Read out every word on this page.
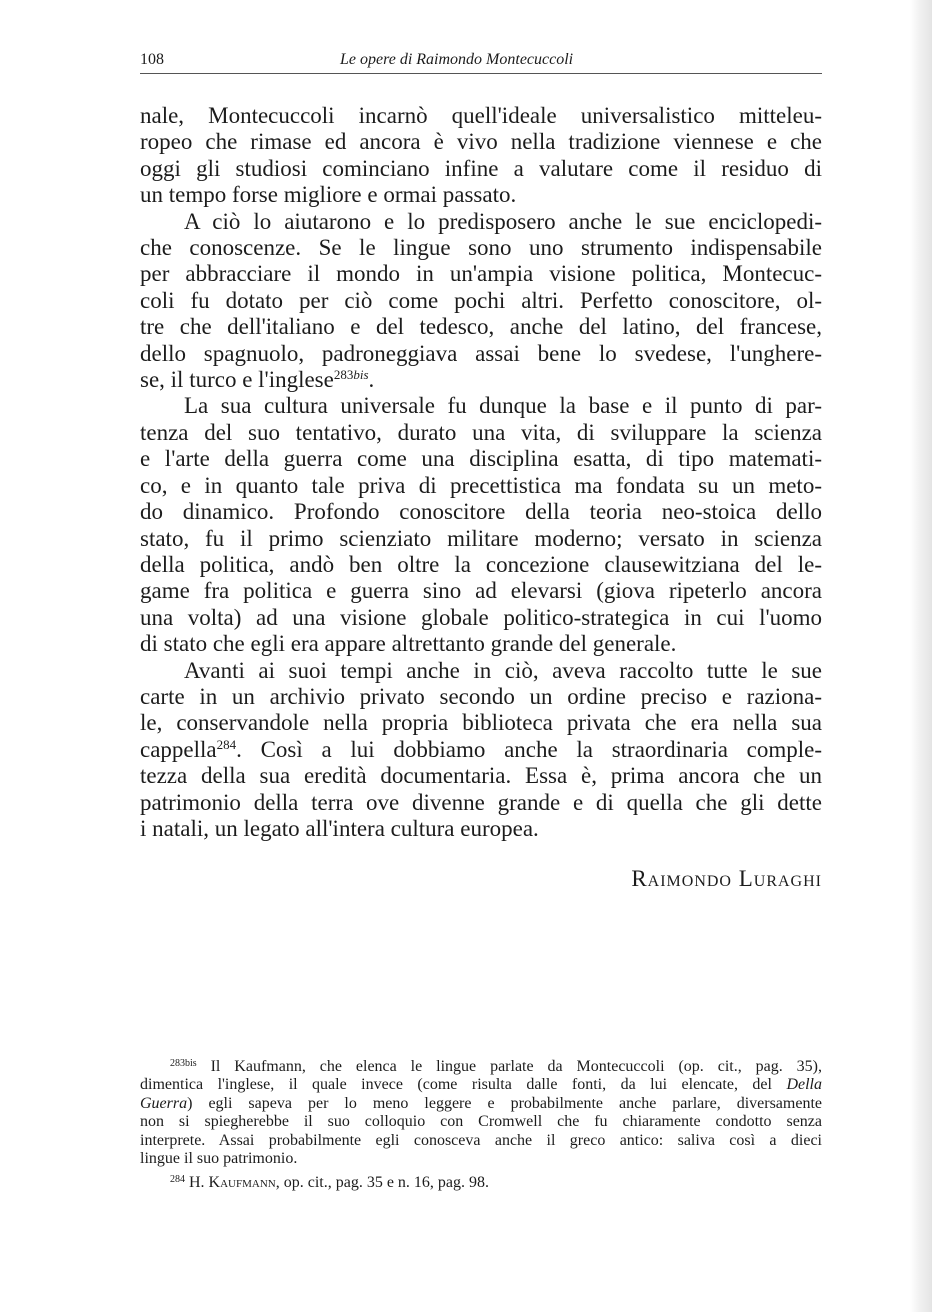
108	Le opere di Raimondo Montecuccoli
nale, Montecuccoli incarnò quell'ideale universalistico mitteleu-
ropeo che rimase ed ancora è vivo nella tradizione viennese e che
oggi gli studiosi cominciano infine a valutare come il residuo di
un tempo forse migliore e ormai passato.
A ciò lo aiutarono e lo predisposero anche le sue enciclopedi-
che conoscenze. Se le lingue sono uno strumento indispensabile
per abbracciare il mondo in un'ampia visione politica, Montecuc-
coli fu dotato per ciò come pochi altri. Perfetto conoscitore, ol-
tre che dell'italiano e del tedesco, anche del latino, del francese,
dello spagnuolo, padroneggiava assai bene lo svedese, l'unghere-
se, il turco e l'inglese$^{283bis}$.
La sua cultura universale fu dunque la base e il punto di par-
tenza del suo tentativo, durato una vita, di sviluppare la scienza
e l'arte della guerra come una disciplina esatta, di tipo matemati-
co, e in quanto tale priva di precettistica ma fondata su un meto-
do dinamico. Profondo conoscitore della teoria neo-stoica dello
stato, fu il primo scienziato militare moderno; versato in scienza
della politica, andò ben oltre la concezione clausewitziana del le-
game fra politica e guerra sino ad elevarsi (giova ripeterlo ancora
una volta) ad una visione globale politico-strategica in cui l'uomo
di stato che egli era appare altrettanto grande del generale.
Avanti ai suoi tempi anche in ciò, aveva raccolto tutte le sue
carte in un archivio privato secondo un ordine preciso e raziona-
le, conservandole nella propria biblioteca privata che era nella sua
cappella$^{284}$. Così a lui dobbiamo anche la straordinaria comple-
tezza della sua eredità documentaria. Essa è, prima ancora che un
patrimonio della terra ove divenne grande e di quella che gli dette
i natali, un legato all'intera cultura europea.
Raimondo Luraghi
$^{283bis}$ Il Kaufmann, che elenca le lingue parlate da Montecuccoli (op. cit., pag. 35),
dimentica l'inglese, il quale invece (come risulta dalle fonti, da lui elencate, del Della
Guerra) egli sapeva per lo meno leggere e probabilmente anche parlare, diversamente
non si spiegherebbe il suo colloquio con Cromwell che fu chiaramente condotto senza
interprete. Assai probabilmente egli conosceva anche il greco antico: saliva così a dieci
lingue il suo patrimonio.
$^{284}$ H. Kaufmann, op. cit., pag. 35 e n. 16, pag. 98.
